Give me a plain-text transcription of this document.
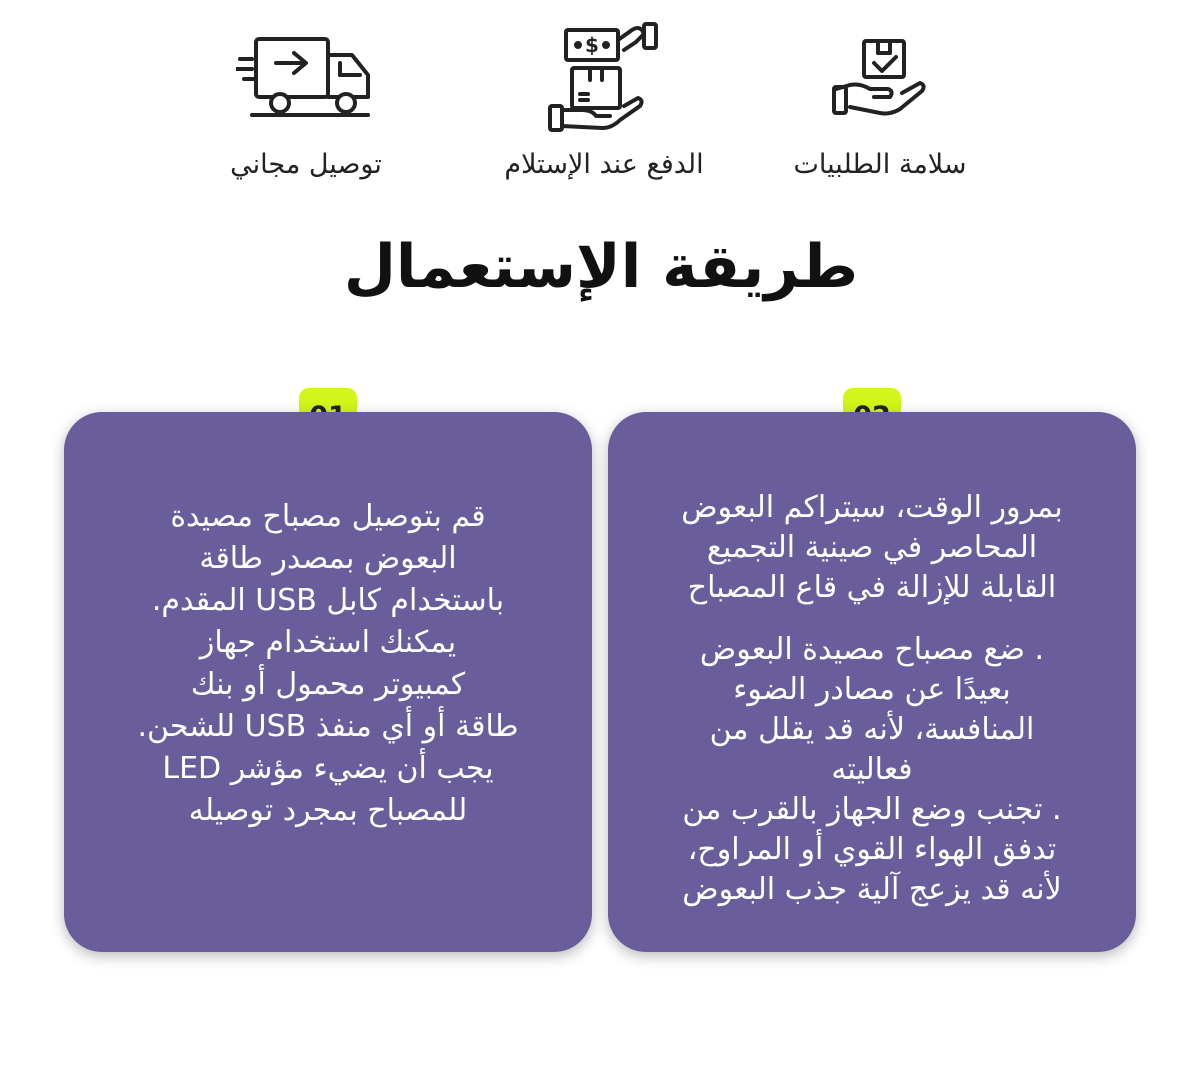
سلامة الطلبيات
$
الدفع عند الإستلام
توصيل مجاني
طريقة الإستعمال
قم بتوصيل مصباح مصيدة
البعوض بمصدر طاقة
باستخدام كابل USB المقدم.
يمكنك استخدام جهاز
كمبيوتر محمول أو بنك
طاقة أو أي منفذ USB للشحن.
يجب أن يضيء مؤشر LED
للمصباح بمجرد توصيله
بمرور الوقت، سيتراكم البعوض
المحاصر في صينية التجميع
القابلة للإزالة في قاع المصباح
. ضع مصباح مصيدة البعوض
بعيدًا عن مصادر الضوء
المنافسة، لأنه قد يقلل من
فعاليته
. تجنب وضع الجهاز بالقرب من
تدفق الهواء القوي أو المراوح،
لأنه قد يزعج آلية جذب البعوض
